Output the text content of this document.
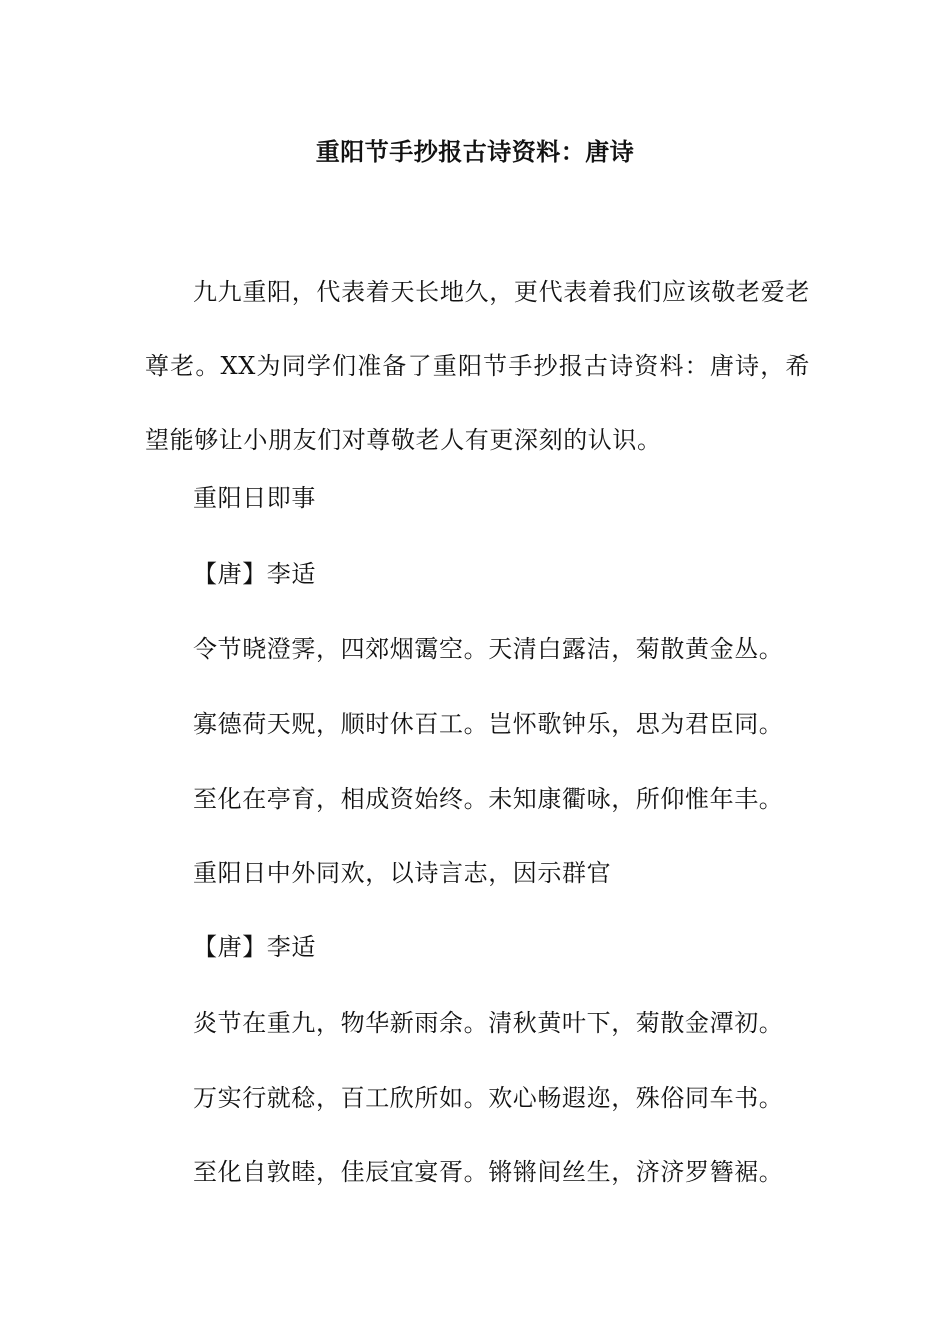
重阳节手抄报古诗资料：唐诗

九九重阳，代表着天长地久，更代表着我们应该敬老爱老尊老。XX为同学们准备了重阳节手抄报古诗资料：唐诗，希望能够让小朋友们对尊敬老人有更深刻的认识。

重阳日即事
【唐】李适
令节晓澄霁，四郊烟霭空。天清白露洁，菊散黄金丛。
寡德荷天贶，顺时休百工。岂怀歌钟乐，思为君臣同。
至化在亭育，相成资始终。未知康衢咏，所仰惟年丰。
重阳日中外同欢，以诗言志，因示群官
【唐】李适
炎节在重九，物华新雨余。清秋黄叶下，菊散金潭初。
万实行就稔，百工欣所如。欢心畅遐迩，殊俗同车书。
至化自敦睦，佳辰宜宴胥。锵锵间丝生，济济罗簪裾。
